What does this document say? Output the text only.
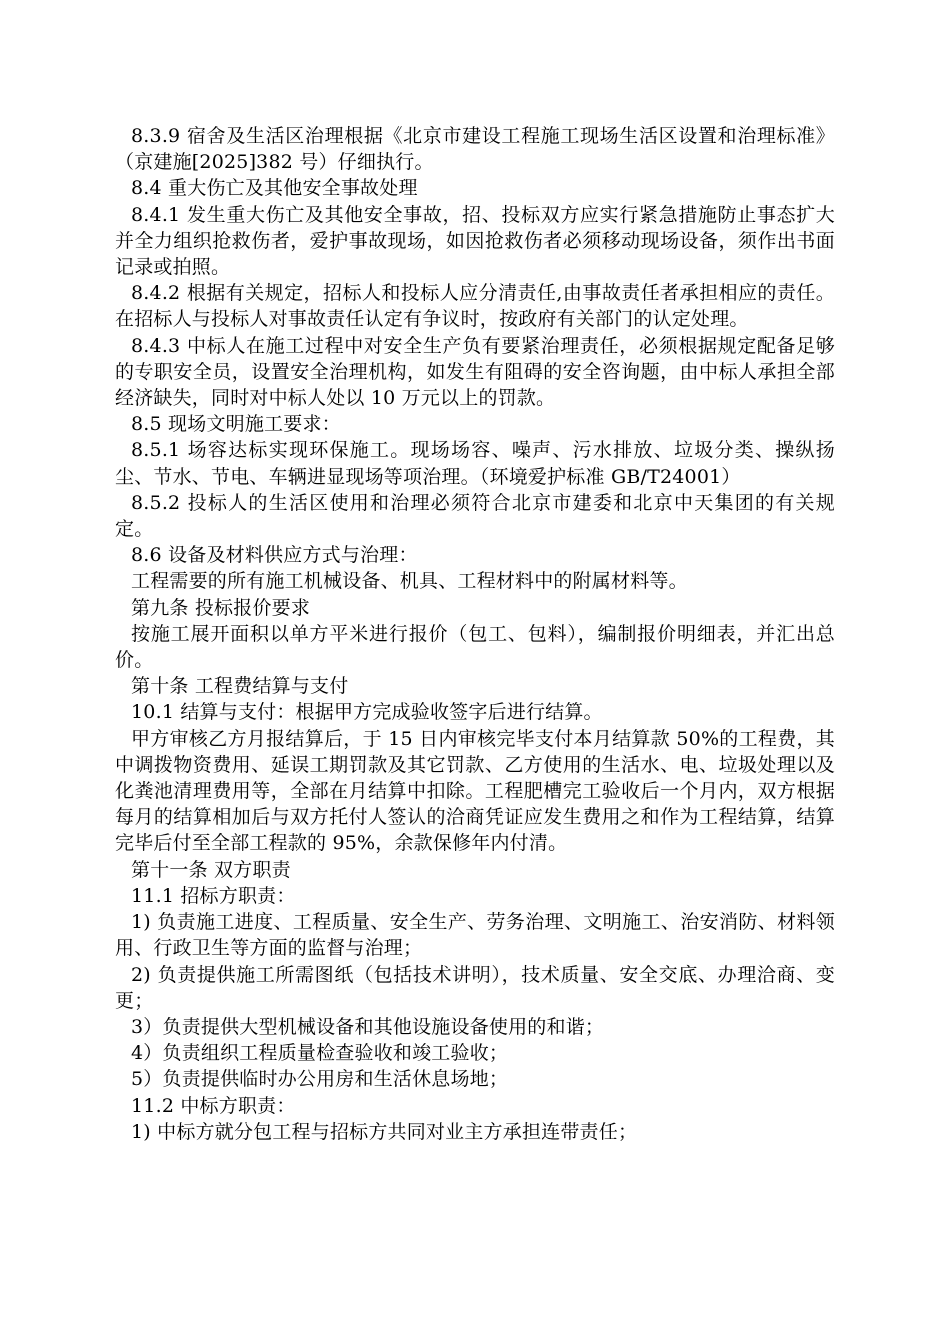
8.3.9 宿舍及生活区治理根据《北京市建设工程施工现场生活区设置和治理标准》（京建施[2025]382 号）仔细执行。

8.4 重大伤亡及其他安全事故处理

8.4.1 发生重大伤亡及其他安全事故，招、投标双方应实行紧急措施防止事态扩大并全力组织抢救伤者，爱护事故现场，如因抢救伤者必须移动现场设备，须作出书面记录或拍照。

8.4.2 根据有关规定，招标人和投标人应分清责任,由事故责任者承担相应的责任。在招标人与投标人对事故责任认定有争议时，按政府有关部门的认定处理。

8.4.3 中标人在施工过程中对安全生产负有要紧治理责任，必须根据规定配备足够的专职安全员，设置安全治理机构，如发生有阻碍的安全咨询题，由中标人承担全部经济缺失，同时对中标人处以 10 万元以上的罚款。

8.5 现场文明施工要求：

8.5.1 场容达标实现环保施工。现场场容、噪声、污水排放、垃圾分类、操纵扬尘、节水、节电、车辆进显现场等项治理。（环境爱护标准 GB/T24001）

8.5.2 投标人的生活区使用和治理必须符合北京市建委和北京中天集团的有关规定。

8.6 设备及材料供应方式与治理：

工程需要的所有施工机械设备、机具、工程材料中的附属材料等。

第九条 投标报价要求

按施工展开面积以单方平米进行报价（包工、包料），编制报价明细表，并汇出总价。

第十条 工程费结算与支付

10.1 结算与支付：根据甲方完成验收签字后进行结算。

甲方审核乙方月报结算后，于 15 日内审核完毕支付本月结算款 50%的工程费，其中调拨物资费用、延误工期罚款及其它罚款、乙方使用的生活水、电、垃圾处理以及化粪池清理费用等，全部在月结算中扣除。工程肥槽完工验收后一个月内，双方根据每月的结算相加后与双方托付人签认的洽商凭证应发生费用之和作为工程结算，结算完毕后付至全部工程款的 95%，余款保修年内付清。

第十一条 双方职责

11.1 招标方职责：

1) 负责施工进度、工程质量、安全生产、劳务治理、文明施工、治安消防、材料领用、行政卫生等方面的监督与治理；

2) 负责提供施工所需图纸（包括技术讲明），技术质量、安全交底、办理洽商、变更；

3）负责提供大型机械设备和其他设施设备使用的和谐；

4）负责组织工程质量检查验收和竣工验收；

5）负责提供临时办公用房和生活休息场地；

11.2 中标方职责：

1) 中标方就分包工程与招标方共同对业主方承担连带责任；
